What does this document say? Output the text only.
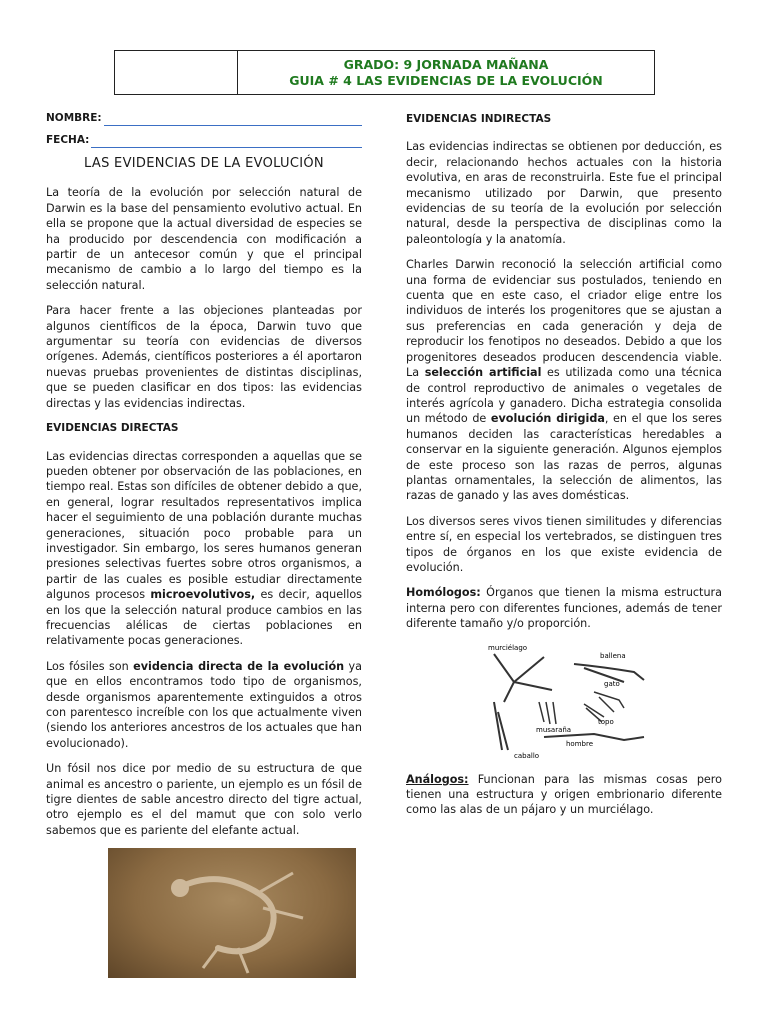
GRADO: 9 JORNADA MAÑANA
GUIA # 4 LAS EVIDENCIAS DE LA EVOLUCIÓN
NOMBRE:
FECHA:
LAS EVIDENCIAS DE LA EVOLUCIÓN

La teoría de la evolución por selección natural de Darwin es la base del pensamiento evolutivo actual. En ella se propone que la actual diversidad de especies se ha producido por descendencia con modificación a partir de un antecesor común y que el principal mecanismo de cambio a lo largo del tiempo es la selección natural.

Para hacer frente a las objeciones planteadas por algunos científicos de la época, Darwin tuvo que argumentar su teoría con evidencias de diversos orígenes. Además, científicos posteriores a él aportaron nuevas pruebas provenientes de distintas disciplinas, que se pueden clasificar en dos tipos: las evidencias directas y las evidencias indirectas.

EVIDENCIAS DIRECTAS

Las evidencias directas corresponden a aquellas que se pueden obtener por observación de las poblaciones, en tiempo real. Estas son difíciles de obtener debido a que, en general, lograr resultados representativos implica hacer el seguimiento de una población durante muchas generaciones, situación poco probable para un investigador. Sin embargo, los seres humanos generan presiones selectivas fuertes sobre otros organismos, a partir de las cuales es posible estudiar directamente algunos procesos microevolutivos, es decir, aquellos en los que la selección natural produce cambios en las frecuencias alélicas de ciertas poblaciones en relativamente pocas generaciones.

Los fósiles son evidencia directa de la evolución ya que en ellos encontramos todo tipo de organismos, desde organismos aparentemente extinguidos a otros con parentesco increíble con los que actualmente viven (siendo los anteriores ancestros de los actuales que han evolucionado).

Un fósil nos dice por medio de su estructura de que animal es ancestro o pariente, un ejemplo es un fósil de tigre dientes de sable ancestro directo del tigre actual, otro ejemplo es el del mamut que con solo verlo sabemos que es pariente del elefante actual.

EVIDENCIAS INDIRECTAS

Las evidencias indirectas se obtienen por deducción, es decir, relacionando hechos actuales con la historia evolutiva, en aras de reconstruirla. Este fue el principal mecanismo utilizado por Darwin, que presento evidencias de su teoría de la evolución por selección natural, desde la perspectiva de disciplinas como la paleontología y la anatomía.

Charles Darwin reconoció la selección artificial como una forma de evidenciar sus postulados, teniendo en cuenta que en este caso, el criador elige entre los individuos de interés los progenitores que se ajustan a sus preferencias en cada generación y deja de reproducir los fenotipos no deseados. Debido a que los progenitores deseados producen descendencia viable. La selección artificial es utilizada como una técnica de control reproductivo de animales o vegetales de interés agrícola y ganadero. Dicha estrategia consolida un método de evolución dirigida, en el que los seres humanos deciden las características heredables a conservar en la siguiente generación. Algunos ejemplos de este proceso son las razas de perros, algunas plantas ornamentales, la selección de alimentos, las razas de ganado y las aves domésticas.

Los diversos seres vivos tienen similitudes y diferencias entre sí, en especial los vertebrados, se distinguen tres tipos de órganos en los que existe evidencia de evolución.

Homólogos: Órganos que tienen la misma estructura interna pero con diferentes funciones, además de tener diferente tamaño y/o proporción.

murciélago
ballena
gato
topo
musaraña
hombre
caballo

Análogos: Funcionan para las mismas cosas pero tienen una estructura y origen embrionario diferente como las alas de un pájaro y un murciélago.
